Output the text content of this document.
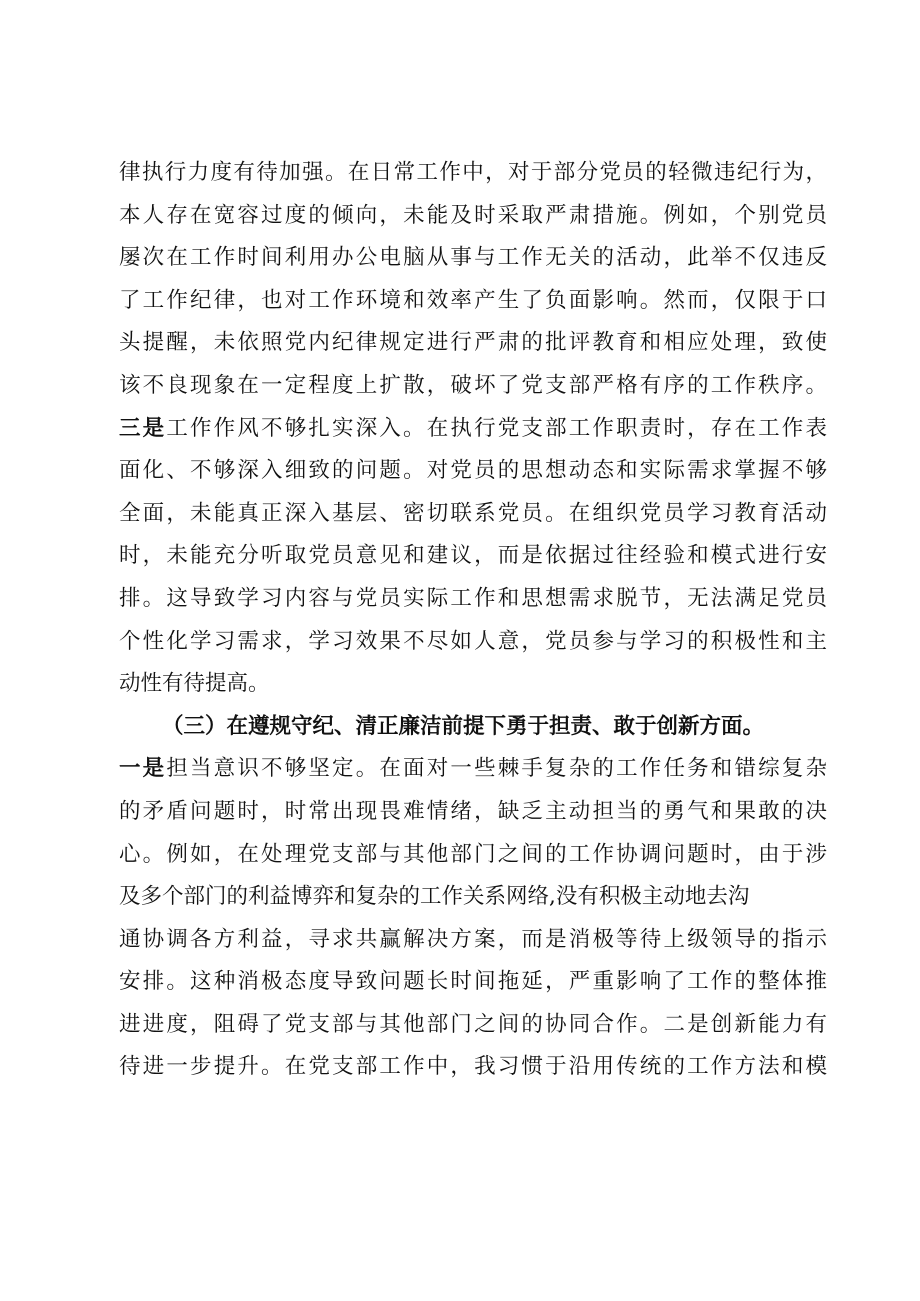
律执行力度有待加强。在日常工作中，对于部分党员的轻微违纪行为，
本人存在宽容过度的倾向，未能及时采取严肃措施。例如，个别党员
屡次在工作时间利用办公电脑从事与工作无关的活动，此举不仅违反
了工作纪律，也对工作环境和效率产生了负面影响。然而，仅限于口
头提醒，未依照党内纪律规定进行严肃的批评教育和相应处理，致使
该不良现象在一定程度上扩散，破坏了党支部严格有序的工作秩序。
三是工作作风不够扎实深入。在执行党支部工作职责时，存在工作表
面化、不够深入细致的问题。对党员的思想动态和实际需求掌握不够
全面，未能真正深入基层、密切联系党员。在组织党员学习教育活动
时，未能充分听取党员意见和建议，而是依据过往经验和模式进行安
排。这导致学习内容与党员实际工作和思想需求脱节，无法满足党员
个性化学习需求，学习效果不尽如人意，党员参与学习的积极性和主
动性有待提高。
（三）在遵规守纪、清正廉洁前提下勇于担责、敢于创新方面。
一是担当意识不够坚定。在面对一些棘手复杂的工作任务和错综复杂
的矛盾问题时，时常出现畏难情绪，缺乏主动担当的勇气和果敢的决
心。例如，在处理党支部与其他部门之间的工作协调问题时，由于涉
及多个部门的利益博弈和复杂的工作关系网络,没有积极主动地去沟
通协调各方利益，寻求共赢解决方案，而是消极等待上级领导的指示
安排。这种消极态度导致问题长时间拖延，严重影响了工作的整体推
进进度，阻碍了党支部与其他部门之间的协同合作。二是创新能力有
待进一步提升。在党支部工作中，我习惯于沿用传统的工作方法和模
